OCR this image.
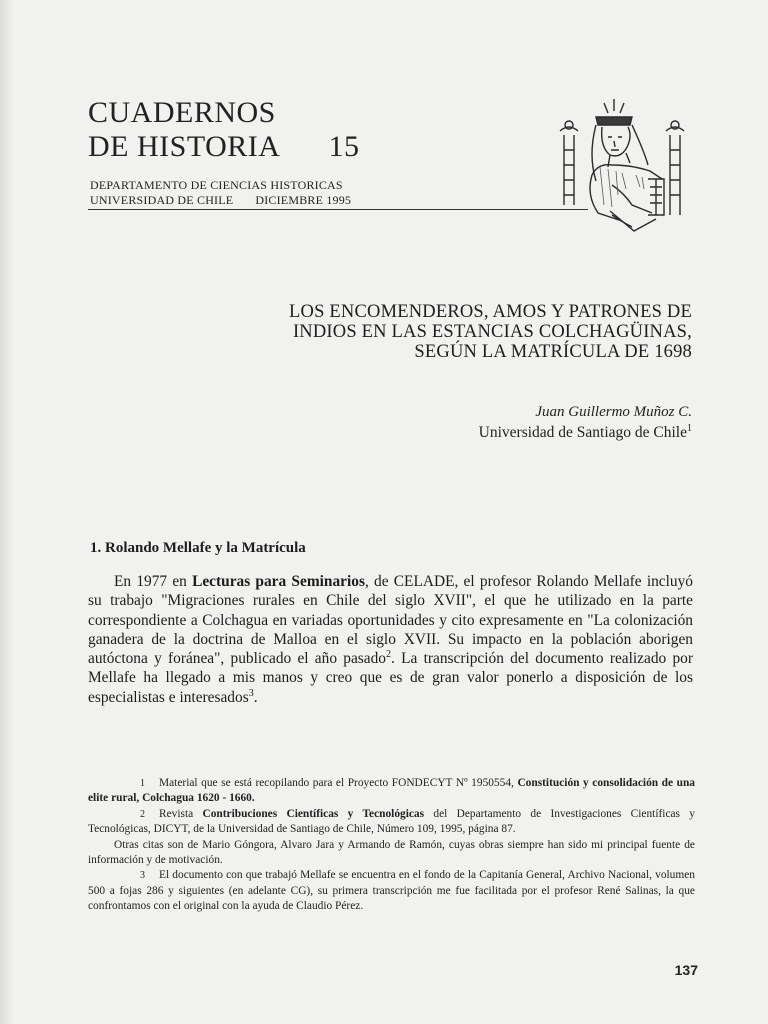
CUADERNOS
DE HISTORIA 15
DEPARTAMENTO DE CIENCIAS HISTORICAS
UNIVERSIDAD DE CHILE DICIEMBRE 1995
LOS ENCOMENDEROS, AMOS Y PATRONES DE
INDIOS EN LAS ESTANCIAS COLCHAGÜINAS,
SEGÚN LA MATRÍCULA DE 1698
Juan Guillermo Muñoz C.
Universidad de Santiago de Chile$^1$
1. Rolando Mellafe y la Matrícula

En 1977 en Lecturas para Seminarios, de CELADE, el profesor Rolando Mellafe incluyó su trabajo "Migraciones rurales en Chile del siglo XVII", el que he utilizado en la parte correspondiente a Colchagua en variadas oportunidades y cito expresamente en "La colonización ganadera de la doctrina de Malloa en el siglo XVII. Su impacto en la población aborigen autóctona y foránea", publicado el año pasado$^2$. La transcripción del documento realizado por Mellafe ha llegado a mis manos y creo que es de gran valor ponerlo a disposición de los especialistas e interesados$^3$.

1 Material que se está recopilando para el Proyecto FONDECYT Nº 1950554, Constitución y consolidación de una elite rural, Colchagua 1620 - 1660.

2 Revista Contribuciones Científicas y Tecnológicas del Departamento de Investigaciones Científicas y Tecnológicas, DICYT, de la Universidad de Santiago de Chile, Número 109, 1995, página 87.

Otras citas son de Mario Góngora, Alvaro Jara y Armando de Ramón, cuyas obras siempre han sido mi principal fuente de información y de motivación.

3 El documento con que trabajó Mellafe se encuentra en el fondo de la Capitanía General, Archivo Nacional, volumen 500 a fojas 286 y siguientes (en adelante CG), su primera transcripción me fue facilitada por el profesor René Salinas, la que confrontamos con el original con la ayuda de Claudio Pérez.

137
